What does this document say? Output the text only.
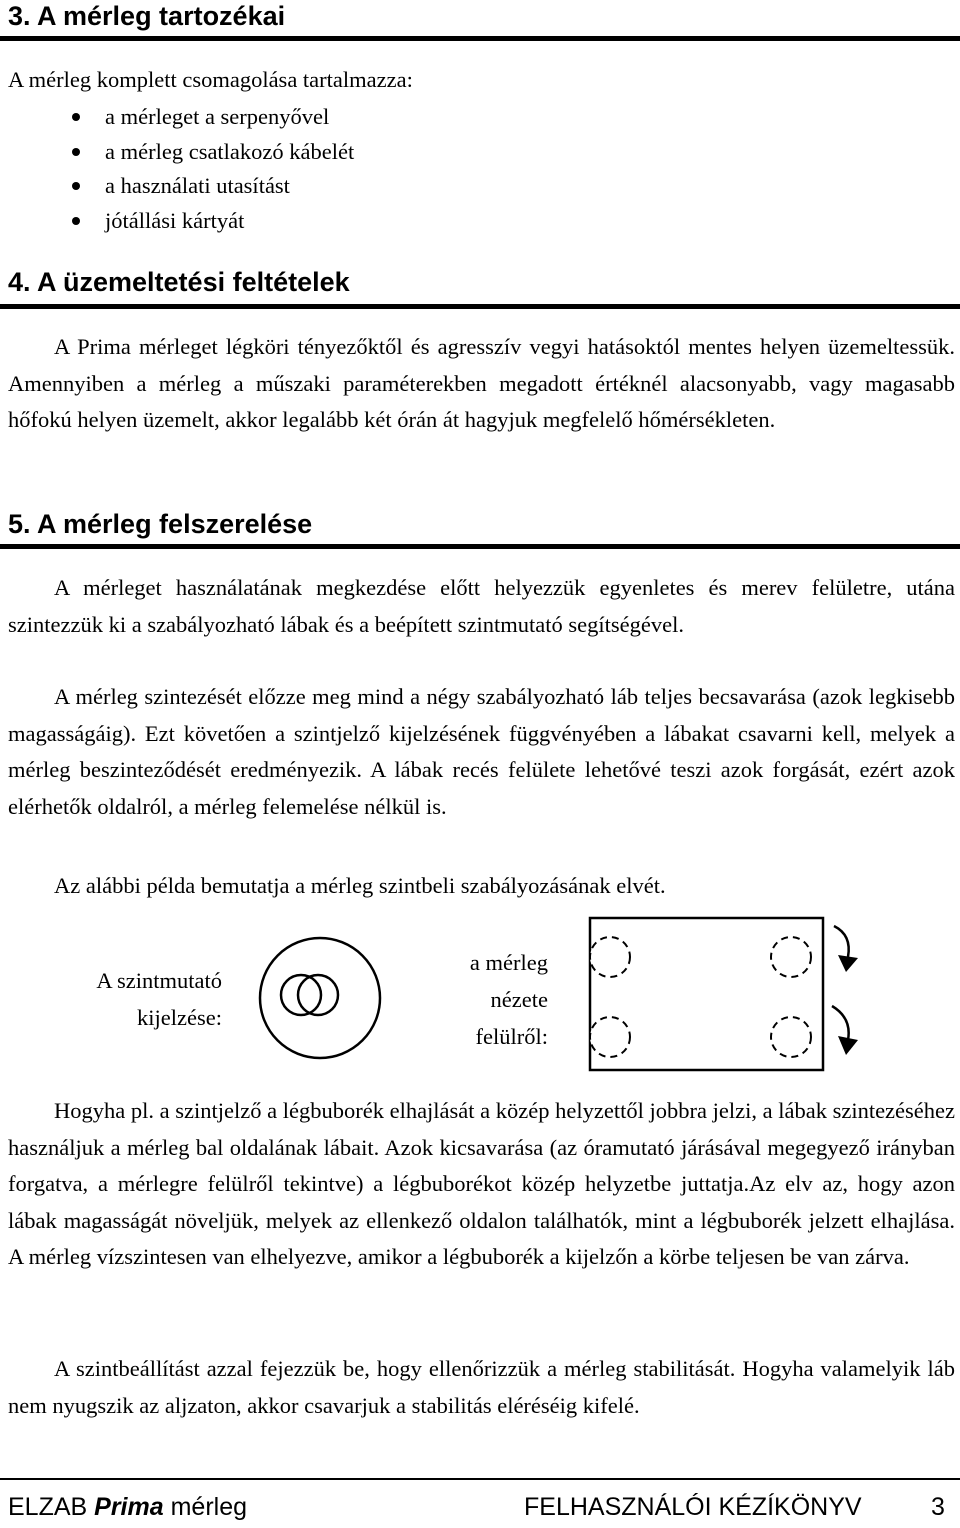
3. A mérleg tartozékai

A mérleg komplett csomagolása tartalmazza:

a mérleget a serpenyővel
a mérleg csatlakozó kábelét
a használati utasítást
jótállási kártyát
4. A üzemeltetési feltételek

A Prima mérleget légköri tényezőktől és agresszív vegyi hatásoktól mentes helyen üzemeltessük. Amennyiben a mérleg a műszaki paraméterekben megadott értéknél alacsonyabb, vagy magasabb hőfokú helyen üzemelt, akkor legalább két órán át hagyjuk megfelelő hőmérsékleten.

5. A mérleg felszerelése

A mérleget használatának megkezdése előtt helyezzük egyenletes és merev felületre, utána szintezzük ki a szabályozható lábak és a beépített szintmutató segítségével.

A mérleg szintezését előzze meg mind a négy szabályozható láb teljes becsavarása (azok legkisebb magasságáig). Ezt követően a szintjelző kijelzésének függvényében a lábakat csavarni kell, melyek a mérleg beszinteződését eredményezik. A lábak recés felülete lehetővé teszi azok forgását, ezért azok elérhetők oldalról, a mérleg felemelése nélkül is.

Az alábbi példa bemutatja a mérleg szintbeli szabályozásának elvét.

A szintmutató
kijelzése:
a mérleg
nézete
felülről:

Hogyha pl. a szintjelző a légbuborék elhajlását a közép helyzettől jobbra jelzi, a lábak szintezéséhez használjuk a mérleg bal oldalának lábait. Azok kicsavarása (az óramutató járásával megegyező irányban forgatva, a mérlegre felülről tekintve) a légbuborékot közép helyzetbe juttatja.Az elv az, hogy azon lábak magasságát növeljük, melyek az ellenkező oldalon találhatók, mint a légbuborék jelzett elhajlása. A mérleg vízszintesen van elhelyezve, amikor a légbuborék a kijelzőn a körbe teljesen be van zárva.

A szintbeállítást azzal fejezzük be, hogy ellenőrizzük a mérleg stabilitását. Hogyha valamelyik láb nem nyugszik az aljzaton, akkor csavarjuk a stabilitás eléréséig kifelé.

ELZAB Prima mérleg	FELHASZNÁLÓI KÉZÍKÖNYV	3
